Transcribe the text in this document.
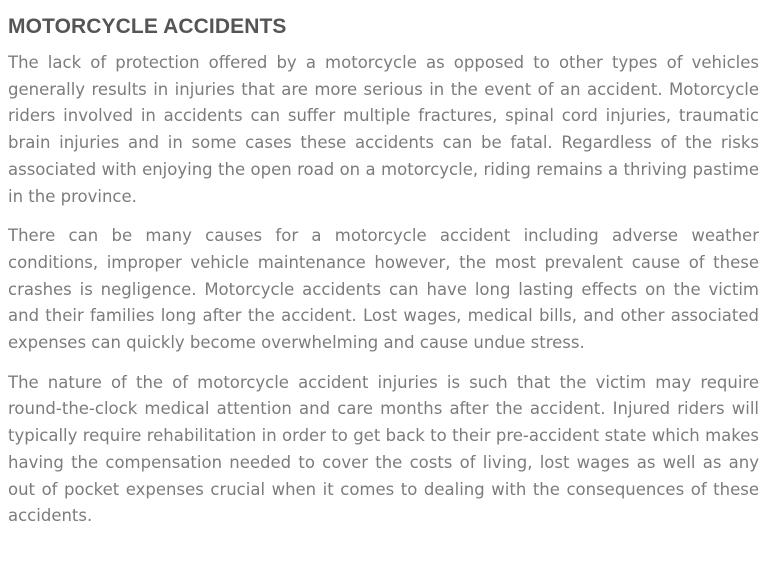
MOTORCYCLE ACCIDENTS

The lack of protection offered by a motorcycle as opposed to other types of vehicles generally results in injuries that are more serious in the event of an accident. Motorcycle riders involved in accidents can suffer multiple fractures, spinal cord injuries, traumatic brain injuries and in some cases these accidents can be fatal. Regardless of the risks associated with enjoying the open road on a motorcycle, riding remains a thriving pastime in the province.

There can be many causes for a motorcycle accident including adverse weather conditions, improper vehicle maintenance however, the most prevalent cause of these crashes is negligence. Motorcycle accidents can have long lasting effects on the victim and their families long after the accident. Lost wages, medical bills, and other associated expenses can quickly become overwhelming and cause undue stress.

The nature of the of motorcycle accident injuries is such that the victim may require round-the-clock medical attention and care months after the accident. Injured riders will typically require rehabilitation in order to get back to their pre-accident state which makes having the compensation needed to cover the costs of living, lost wages as well as any out of pocket expenses crucial when it comes to dealing with the consequences of these accidents.
